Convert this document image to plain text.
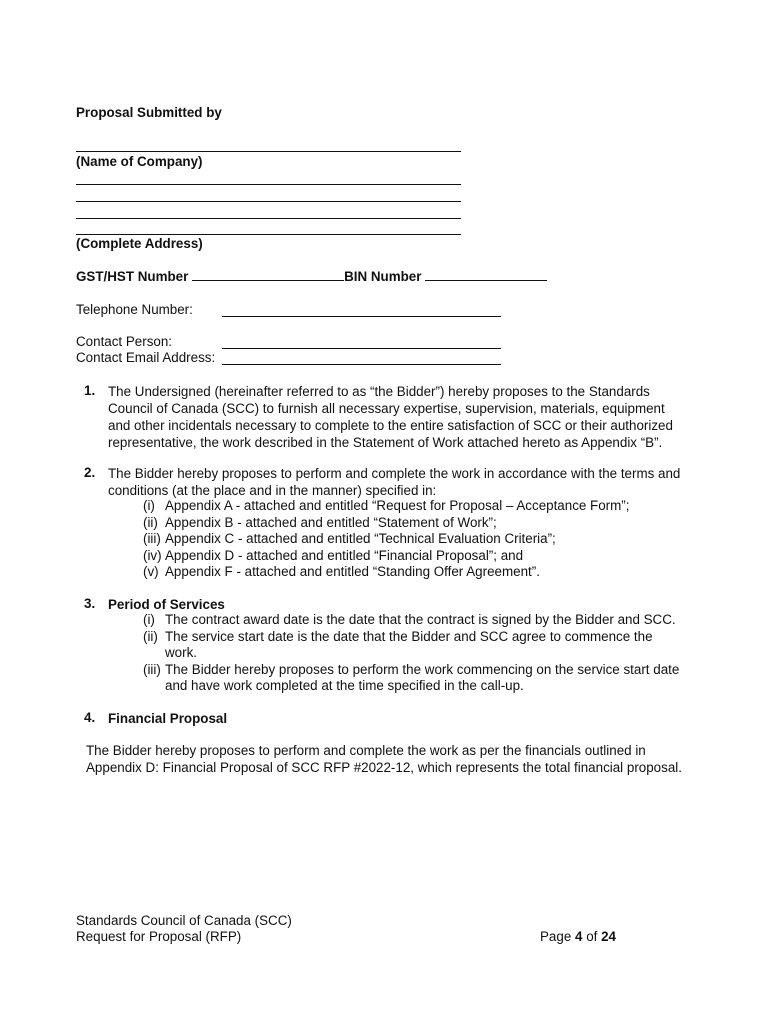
Proposal Submitted by
(Name of Company)
(Complete Address)
GST/HST Number	BIN Number
Telephone Number:
Contact Person:
Contact Email Address:
1. The Undersigned (hereinafter referred to as “the Bidder”) hereby proposes to the Standards
Council of Canada (SCC) to furnish all necessary expertise, supervision, materials, equipment
and other incidentals necessary to complete to the entire satisfaction of SCC or their authorized
representative, the work described in the Statement of Work attached hereto as Appendix “B”.
2. The Bidder hereby proposes to perform and complete the work in accordance with the terms and
conditions (at the place and in the manner) specified in:
(i) Appendix A - attached and entitled “Request for Proposal – Acceptance Form”;
(ii) Appendix B - attached and entitled “Statement of Work”;
(iii) Appendix C - attached and entitled “Technical Evaluation Criteria”;
(iv) Appendix D - attached and entitled “Financial Proposal”; and
(v) Appendix F - attached and entitled “Standing Offer Agreement”.
3. Period of Services
(i) The contract award date is the date that the contract is signed by the Bidder and SCC.
(ii) The service start date is the date that the Bidder and SCC agree to commence the
work.
(iii) The Bidder hereby proposes to perform the work commencing on the service start date
and have work completed at the time specified in the call-up.
4. Financial Proposal
The Bidder hereby proposes to perform and complete the work as per the financials outlined in
Appendix D: Financial Proposal of SCC RFP #2022-12, which represents the total financial proposal.
Standards Council of Canada (SCC)
Request for Proposal (RFP)	Page 4 of 24
